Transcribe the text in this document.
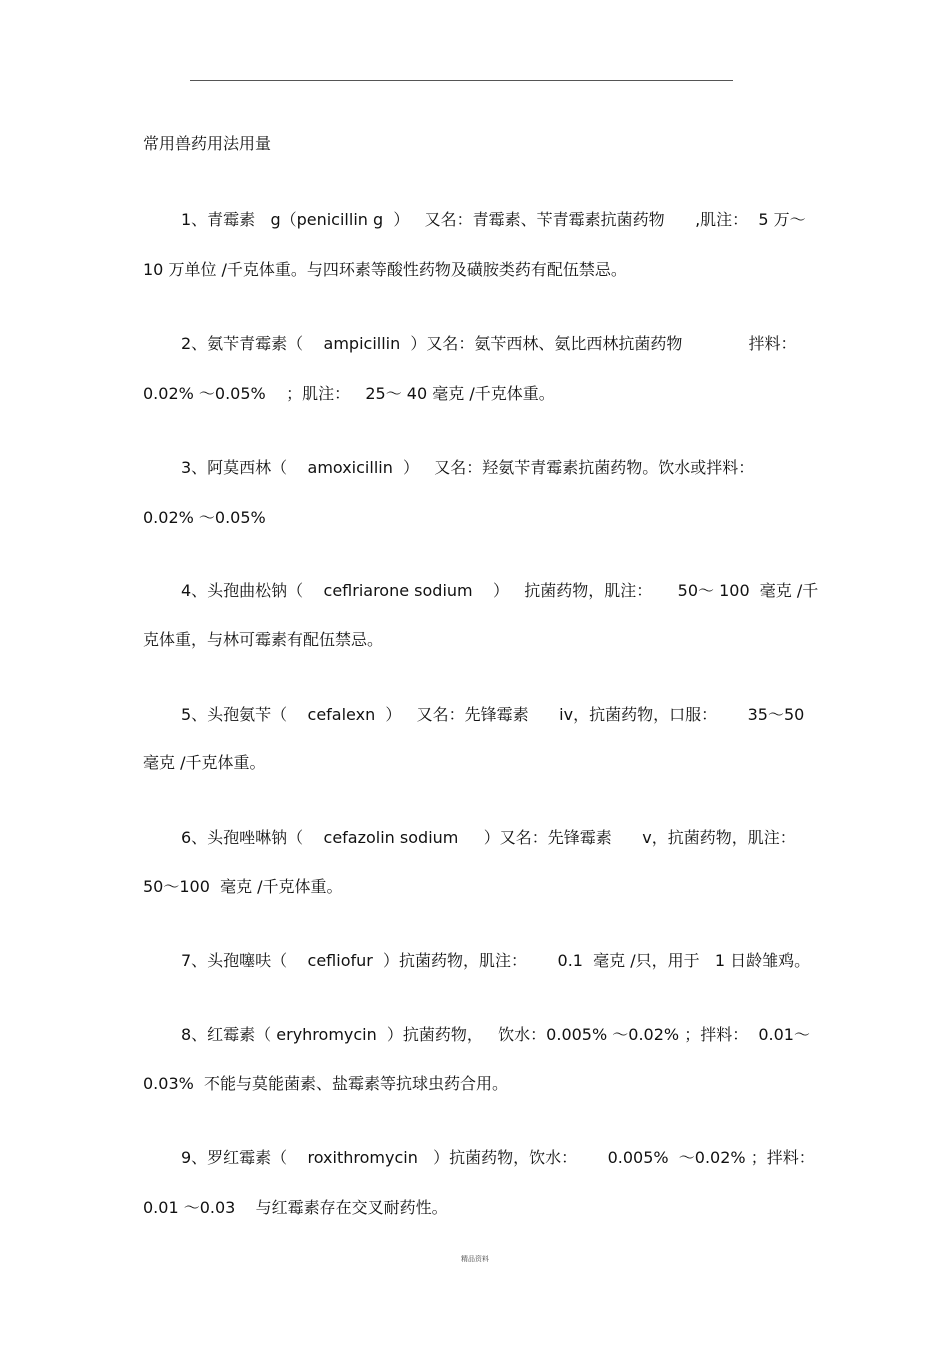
常用兽药用法用量
1、青霉素   g（penicillin g  ）   又名：青霉素、苄青霉素抗菌药物      ,肌注：  5 万～
10 万单位 /千克体重。与四环素等酸性药物及磺胺类药有配伍禁忌。
2、氨苄青霉素（    ampicillin  ）又名：氨苄西林、氨比西林抗菌药物             拌料：
0.02% ～0.05%    ；肌注：   25～ 40 毫克 /千克体重。
3、阿莫西林（    amoxicillin  ）   又名：羟氨苄青霉素抗菌药物。饮水或拌料：
0.02% ～0.05%
4、头孢曲松钠（    ceflriarone sodium    ）   抗菌药物，肌注：     50～ 100  毫克 /千
克体重，与林可霉素有配伍禁忌。
5、头孢氨苄（    cefalexn  ）   又名：先锋霉素      iv，抗菌药物，口服：      35～50
毫克 /千克体重。
6、头孢唑啉钠（    cefazolin sodium     ）又名：先锋霉素      v，抗菌药物，肌注：
50～100  毫克 /千克体重。
7、头孢噻呋（    cefliofur  ）抗菌药物，肌注：      0.1  毫克 /只，用于   1 日龄雏鸡。
8、红霉素（ eryhromycin  ）抗菌药物，   饮水：0.005% ～0.02% ；拌料：  0.01～
0.03%  不能与莫能菌素、盐霉素等抗球虫药合用。
9、罗红霉素（    roxithromycin   ）抗菌药物，饮水：      0.005%  ～0.02% ；拌料：
0.01 ～0.03    与红霉素存在交叉耐药性。
精品资料
